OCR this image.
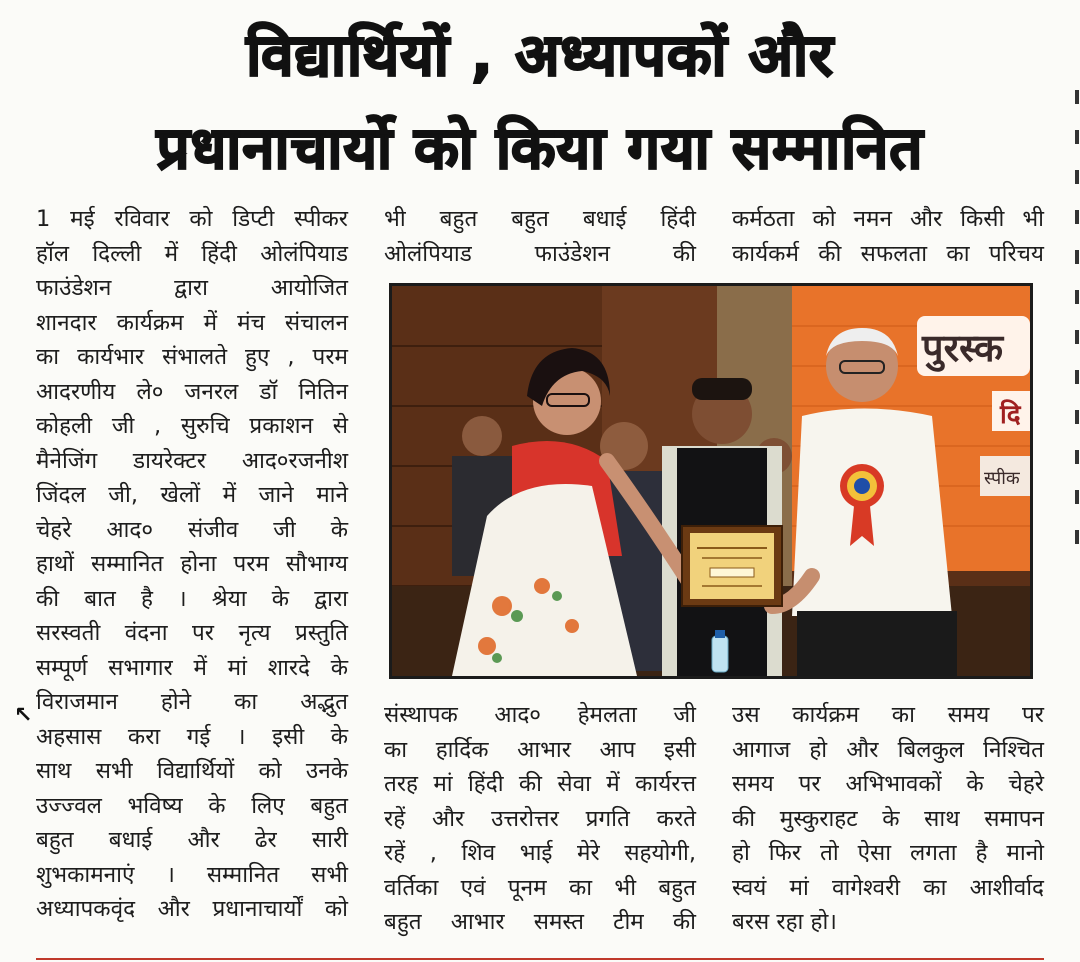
विद्यार्थियों , अध्यापकों और
प्रधानाचार्यो को किया गया सम्मानित

1 मई रविवार को डिप्टी स्पीकर

हॉल दिल्ली में हिंदी ओलंपियाड

फाउंडेशन द्वारा आयोजित

शानदार कार्यक्रम में मंच संचालन

का कार्यभार संभालते हुए , परम

आदरणीय ले० जनरल डॉ नितिन

कोहली जी , सुरुचि प्रकाशन से

मैनेजिंग डायरेक्टर आद०रजनीश

जिंदल जी, खेलों में जाने माने

चेहरे आद० संजीव जी के

हाथों सम्मानित होना परम सौभाग्य

की बात है । श्रेया के द्वारा

सरस्वती वंदना पर नृत्य प्रस्तुति

सम्पूर्ण सभागार में मां शारदे के

विराजमान होने का अद्भुत

अहसास करा गई । इसी के

साथ सभी विद्यार्थियों को उनके

उज्ज्वल भविष्य के लिए बहुत

बहुत बधाई और ढेर सारी

शुभकामनाएं । सम्मानित सभी

अध्यापकवृंद और प्रधानाचार्यों को

भी बहुत बहुत बधाई हिंदी

ओलंपियाड फाउंडेशन की

कर्मठता को नमन और किसी भी

कार्यकर्म की सफलता का परिचय

संस्थापक आद० हेमलता जी

का हार्दिक आभार आप इसी

तरह मां हिंदी की सेवा में कार्यरत्त

रहें और उत्तरोत्तर प्रगति करते

रहें , शिव भाई मेरे सहयोगी,

वर्तिका एवं पूनम का भी बहुत

बहुत आभार समस्त टीम की

उस कार्यक्रम का समय पर

आगाज हो और बिलकुल निश्चित

समय पर अभिभावकों के चेहरे

की मुस्कुराहट के साथ समापन

हो फिर तो ऐसा लगता है मानो

स्वयं मां वागेश्वरी का आशीर्वाद

बरस रहा हो।

↖
पुरस्क
दि
स्पीक
